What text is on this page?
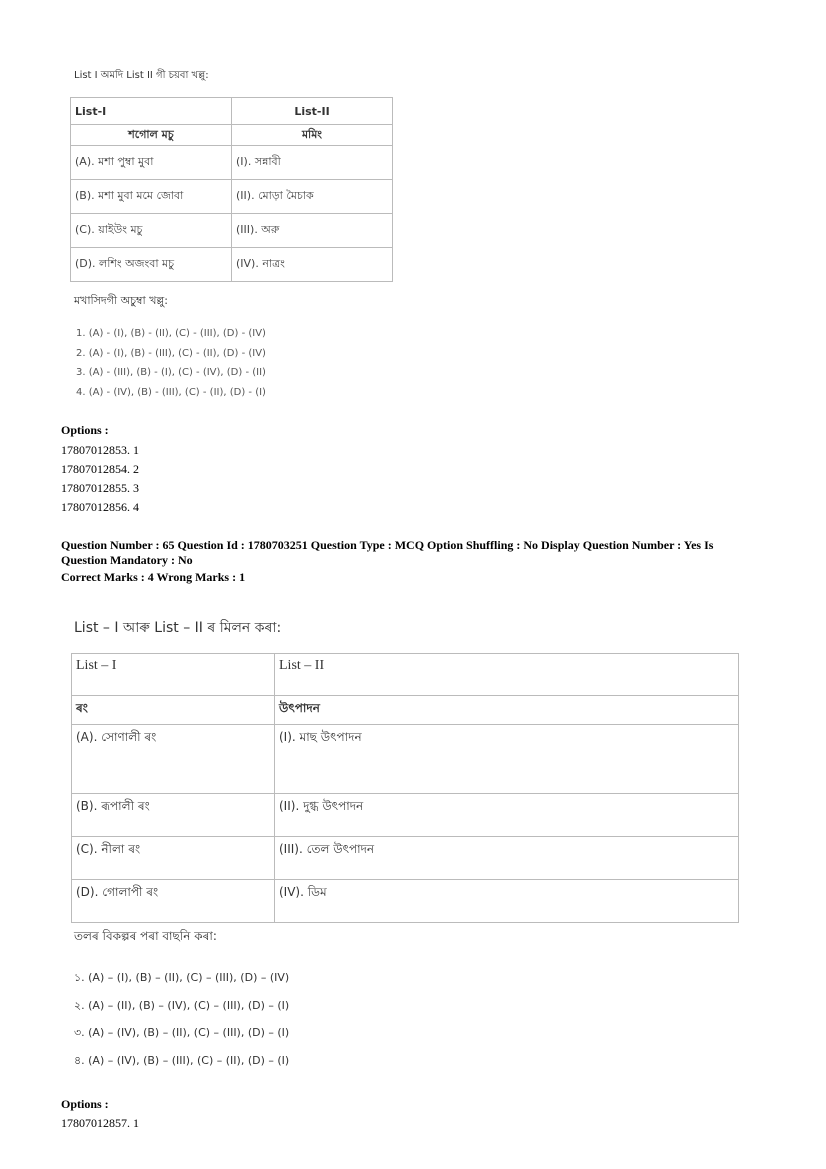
List I অমদি List II গী চয়বা খল্লু:
List-I	List-II
শগোল মচু	মমিং
(A). মশা পুম্বা মুবা	(I). সন্নাবী
(B). মশা মুবা মমে জোবা	(II). মোড়া মৈচাক
(C). য়াইউং মচু	(III). অরু
(D). লশিং অজংবা মচু	(IV). নাত্রং
মখাসিদগী অচুম্বা খল্লু:
1. (A) - (I), (B) - (II), (C) - (III), (D) - (IV)
2. (A) - (I), (B) - (III), (C) - (II), (D) - (IV)
3. (A) - (III), (B) - (I), (C) - (IV), (D) - (II)
4. (A) - (IV), (B) - (III), (C) - (II), (D) - (I)
Options :
17807012853. 1
17807012854. 2
17807012855. 3
17807012856. 4
Question Number : 65 Question Id : 1780703251 Question Type : MCQ Option Shuffling : No Display Question Number : Yes Is Question Mandatory : No
Correct Marks : 4 Wrong Marks : 1
List – I আৰু List – II ৰ মিলন কৰা:
List – I	List – II
ৰং	উৎপাদন
(A). সোণালী ৰং	(I). মাছ উৎপাদন
(B). ৰূপালী ৰং	(II). দুগ্ধ উৎপাদন
(C). নীলা ৰং	(III). তেল উৎপাদন
(D). গোলাপী ৰং	(IV). ডিম
তলৰ বিকল্পৰ পৰা বাছনি কৰা:
১. (A) – (I), (B) – (II), (C) – (III), (D) – (IV)
২. (A) – (II), (B) – (IV), (C) – (III), (D) – (I)
৩. (A) – (IV), (B) – (II), (C) – (III), (D) – (I)
৪. (A) – (IV), (B) – (III), (C) – (II), (D) – (I)
Options :
17807012857. 1
